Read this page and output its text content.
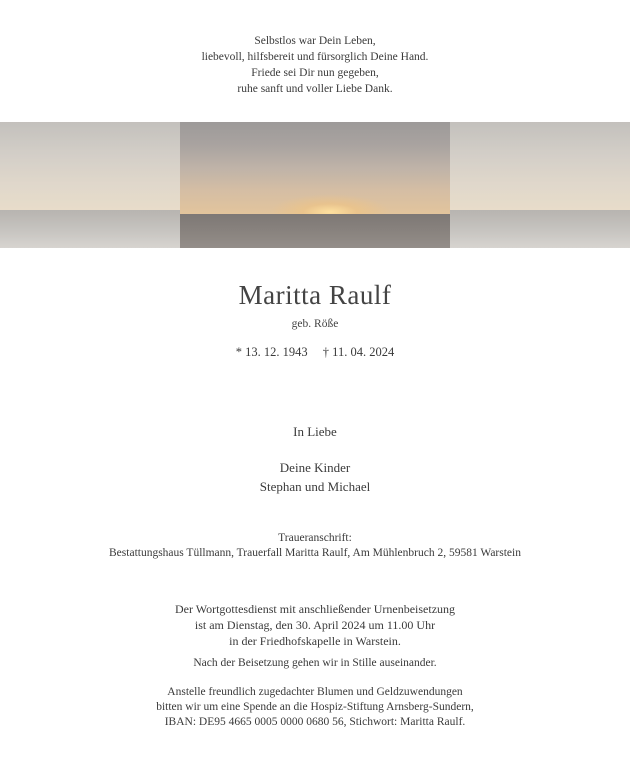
Selbstlos war Dein Leben,
liebevoll, hilfsbereit und fürsorglich Deine Hand.
Friede sei Dir nun gegeben,
ruhe sanft und voller Liebe Dank.
Maritta Raulf
geb. Röße
* 13. 12. 1943 † 11. 04. 2024
In Liebe
Deine Kinder
Stephan und Michael
Traueranschrift:
Bestattungshaus Tüllmann, Trauerfall Maritta Raulf, Am Mühlenbruch 2, 59581 Warstein
Der Wortgottesdienst mit anschließender Urnenbeisetzung
ist am Dienstag, den 30. April 2024 um 11.00 Uhr
in der Friedhofskapelle in Warstein.
Nach der Beisetzung gehen wir in Stille auseinander.
Anstelle freundlich zugedachter Blumen und Geldzuwendungen
bitten wir um eine Spende an die Hospiz-Stiftung Arnsberg-Sundern,
IBAN: DE95 4665 0005 0000 0680 56, Stichwort: Maritta Raulf.
